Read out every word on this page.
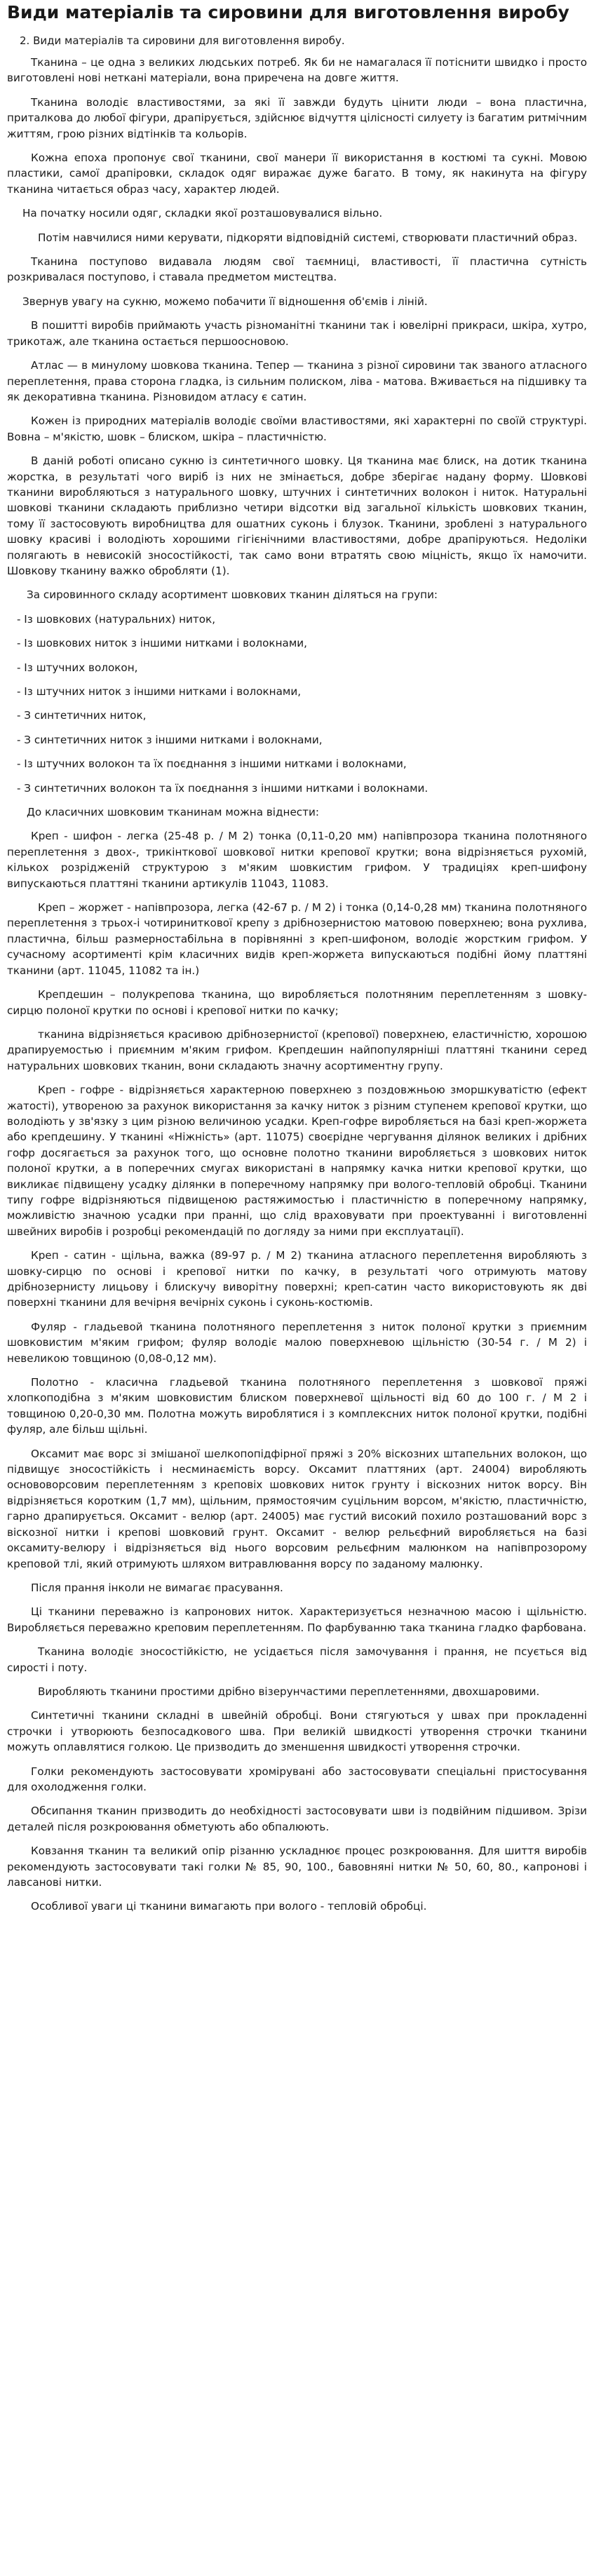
Види матеріалів та сировини для виготовлення виробу
2. Види матеріалів та сировини для виготовлення виробу.

Тканина – це одна з великих людських потреб. Як би не намагалася її потіснити швидко і просто виготовлені нові неткані матеріали, вона приречена на довге життя.

Тканина володіє властивостями, за які її завжди будуть цінити люди – вона пластична, приталкова до любої фігури, драпірується, здійснює відчуття цілісності силуету із багатим ритмічним життям, грою різних відтінків та кольорів.

Кожна епоха пропонує свої тканини, свої манери її використання в костюмі та сукні. Мовою пластики, самої драпіровки, складок одяг виражає дуже багато. В тому, як накинута на фігуру тканина читається образ часу, характер людей.

На початку носили одяг, складки якої розташовувалися вільно.

Потім навчилися ними керувати, підкоряти відповідній системі, створювати пластичний образ.

Тканина поступово видавала людям свої таємниці, властивості, її пластична сутність розкривалася поступово, і ставала предметом мистецтва.

Звернув увагу на сукню, можемо побачити її відношення об'ємів і ліній.

В пошитті виробів приймають участь різноманітні тканини так і ювелірні прикраси, шкіра, хутро, трикотаж, але тканина остається першоосновою.

Атлас — в минулому шовкова тканина. Тепер — тканина з різної сировини так званого атласного переплетення, права сторона гладка, із сильним полиском, лiва - матова. Вживається на підшивку та як декоративна тканина. Різновидом атласу є сатин.

Кожен із природних матеріалів володіє своїми властивостями, які характерні по своїй структурі. Вовна – м'якістю, шовк – блиском, шкіра – пластичністю.

В даній роботі описано сукню із синтетичного шовку. Ця тканина має блиск, на дотик тканина жорстка, в результаті чого виріб із них не змінається, добре зберігає надану форму. Шовкові тканини виробляються з натурального шовку, штучних і синтетичних волокон і ниток. Натуральні шовкові тканини складають приблизно четири відсотки від загальної кількість шовкових тканин, тому її застосовують виробництва для ошатних суконь і блузок. Тканини, зроблені з натурального шовку красиві і володіють хорошими гігієнічними властивостями, добре драпіруються. Недоліки полягають в невисокій зносостійкості, так само вони втратять свою міцність, якщо їх намочити. Шовкову тканину важко обробляти (1).

За сировинного складу асортимент шовкових тканин діляться на групи:
- Із шовкових (натуральних) ниток,
- Із шовкових ниток з іншими нитками і волокнами,
- Із штучних волокон,
- Із штучних ниток з іншими нитками і волокнами,
- З синтетичних ниток,
- З синтетичних ниток з іншими нитками і волокнами,
- Із штучних волокон та їх поєднання з іншими нитками і волокнами,
- З синтетичних волокон та їх поєднання з іншими нитками і волокнами.
До класичних шовковим тканинам можна віднести:

Креп - шифон - легка (25-48 р. / М 2) тонка (0,11-0,20 мм) напівпрозора тканина полотняного переплетення з двох-, трикінткової шовкової нитки крепової крутки; вона відрізняється рухомій, кількох розрідженій структурою з м'яким шовкистим грифом. У традиціях креп-шифону випускаються платтяні тканини артикулів 11043, 11083.

Креп – жоржет - напівпрозора, легка (42-67 р. / М 2) і тонка (0,14-0,28 мм) тканина полотняного переплетення з трьох-і чотириниткової крепу з дрібнозернистою матовою поверхнею; вона рухлива, пластична, більш размерностабільна в порівнянні з креп-шифоном, володіє жорстким грифом. У сучасному асортименті крім класичних видів креп-жоржета випускаються подібні йому платтяні тканини (арт. 11045, 11082 та ін.)

Крепдешин – полукрепова тканина, що виробляється полотняним переплетенням з шовку-сирцю полоної крутки по основі і крепової нитки по качку;

тканина відрізняється красивою дрібнозернистої (крепової) поверхнею, еластичністю, хорошою драпируемостью і приємним м'яким грифом. Крепдешин найпопулярніші платтяні тканини серед натуральних шовкових тканин, вони складають значну асортиментну групу.

Креп - гофре - відрізняється характерною поверхнею з поздовжньою зморшкуватістю (ефект жатості), утвореною за рахунок використання за качку ниток з різним ступенем крепової крутки, що володіють у зв'язку з цим різною величиною усадки. Креп-гофре виробляється на базі креп-жоржета або крепдешину. У тканині «Ніжність» (арт. 11075) своєрідне чергування ділянок великих і дрібних гофр досягається за рахунок того, що основне полотно тканини виробляється з шовкових ниток полоної крутки, а в поперечних смугах використані в напрямку качка нитки крепової крутки, що викликає підвищену усадку ділянки в поперечному напрямку при волого-тепловій обробці. Тканини типу гофре відрізняються підвищеною растяжимостью і пластичністю в поперечному напрямку, можливістю значною усадки при пранні, що слід враховувати при проектуванні і виготовленні швейних виробів і розробці рекомендацій по догляду за ними при експлуатації).

Креп - сатин - щільна, важка (89-97 р. / М 2) тканина атласного переплетення виробляють з шовку-сирцю по основі і крепової нитки по качку, в результаті чого отримують матову дрібнозернисту лицьову і блискучу виворітну поверхні; креп-сатин часто використовують як дві поверхні тканини для вечірня вечірніх суконь і суконь-костюмів.

Фуляр - гладьевой тканина полотняного переплетення з ниток полоної крутки з приємним шовковистим м'яким грифом; фуляр володіє малою поверхневою щільністю (30-54 г. / М 2) і невеликою товщиною (0,08-0,12 мм).

Полотно - класична гладьевой тканина полотняного переплетення з шовкової пряжі хлопкоподібна з м'яким шовковистим блиском поверхневої щільності від 60 до 100 г. / М 2 і товщиною 0,20-0,30 мм. Полотна можуть вироблятися і з комплексних ниток полоної крутки, подібні фуляр, але більш щільні.

Оксамит має ворс зі змішаної шелкопопідфірної пряжі з 20% віскозних штапельних волокон, що підвищує зносостійкість і несминаємість ворсу. Оксамит платтяних (арт. 24004) виробляють основоворсовим переплетенням з креповіх шовкових ниток грунту і віскозних ниток ворсу. Він відрізняється коротким (1,7 мм), щільним, прямостоячим суцільним ворсом, м'якістю, пластичністю, гарно драпирується. Оксамит - велюр (арт. 24005) має густий високий похило розташований ворс з віскозної нитки і крепові шовковий грунт. Оксамит - велюр рельєфний виробляється на базі оксамиту-велюру і відрізняється від нього ворсовим рельєфним малюнком на напівпрозорому креповой тлі, який отримують шляхом витравлювання ворсу по заданому малюнку.

Після прання інколи не вимагає прасування.

Ці тканини переважно із капронових ниток. Характеризується незначною масою і щільністю. Виробляється переважно креповим переплетенням. По фарбуванню така тканина гладко фарбована.

Тканина володіє зносостійкістю, не усідається після замочування і прання, не псується від сирості і поту.

Виробляють тканини простими дрібно візерунчастими переплетеннями, двохшаровими.

Синтетичні тканини складні в швейній обробці. Вони стягуються у швах при прокладенні строчки і утворюють безпосадкового шва. При великій швидкості утворення строчки тканини можуть оплавлятися голкою. Це призводить до зменшення швидкості утворення строчки.

Голки рекомендують застосовувати хромірувані або застосовувати спеціальні пристосування для охолодження голки.

Обсипання тканин призводить до необхідності застосовувати шви із подвійним підшивом. Зрізи деталей після розкроювання обметують або обпалюють.

Ковзання тканин та великий опір різанню ускладнює процес розкроювання. Для шиття виробів рекомендують застосовувати такі голки № 85, 90, 100., бавовняні нитки № 50, 60, 80., капронові і лавсанові нитки.

Особливої уваги ці тканини вимагають при волого - тепловій обробці.
